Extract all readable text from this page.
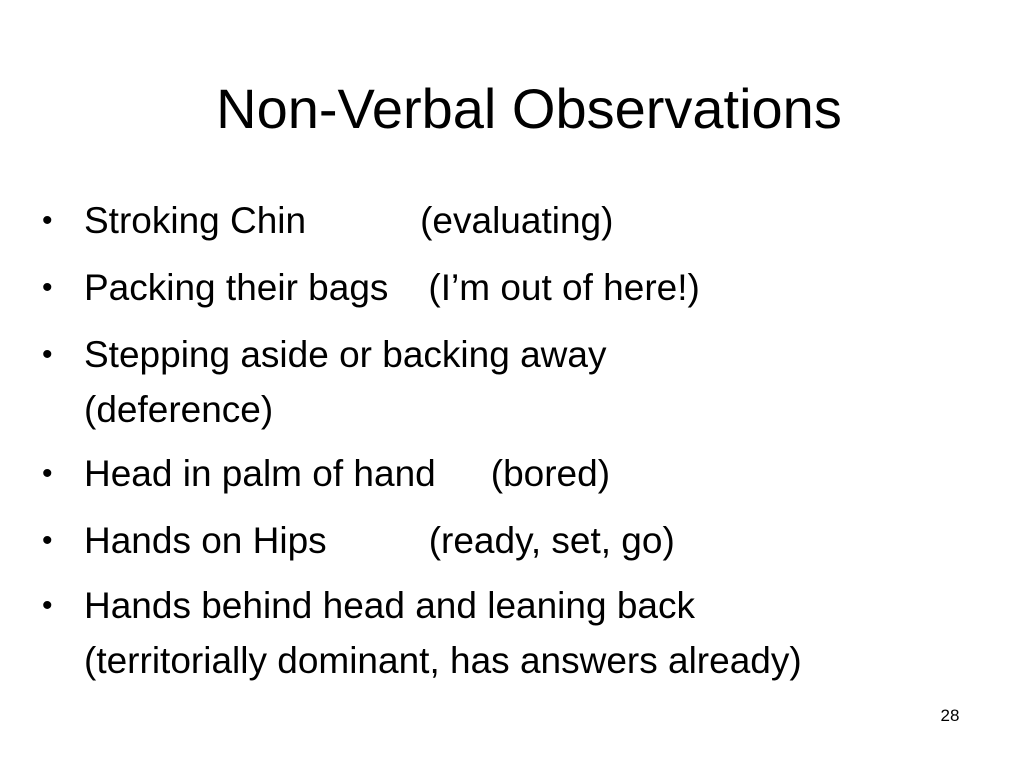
Non-Verbal Observations
• Stroking Chin	(evaluating)
• Packing their bags (I’m out of here!)
• Stepping aside or backing away
(deference)
• Head in palm of hand (bored)
• Hands on Hips	(ready, set, go)
• Hands behind head and leaning back
(territorially dominant, has answers already)
28
